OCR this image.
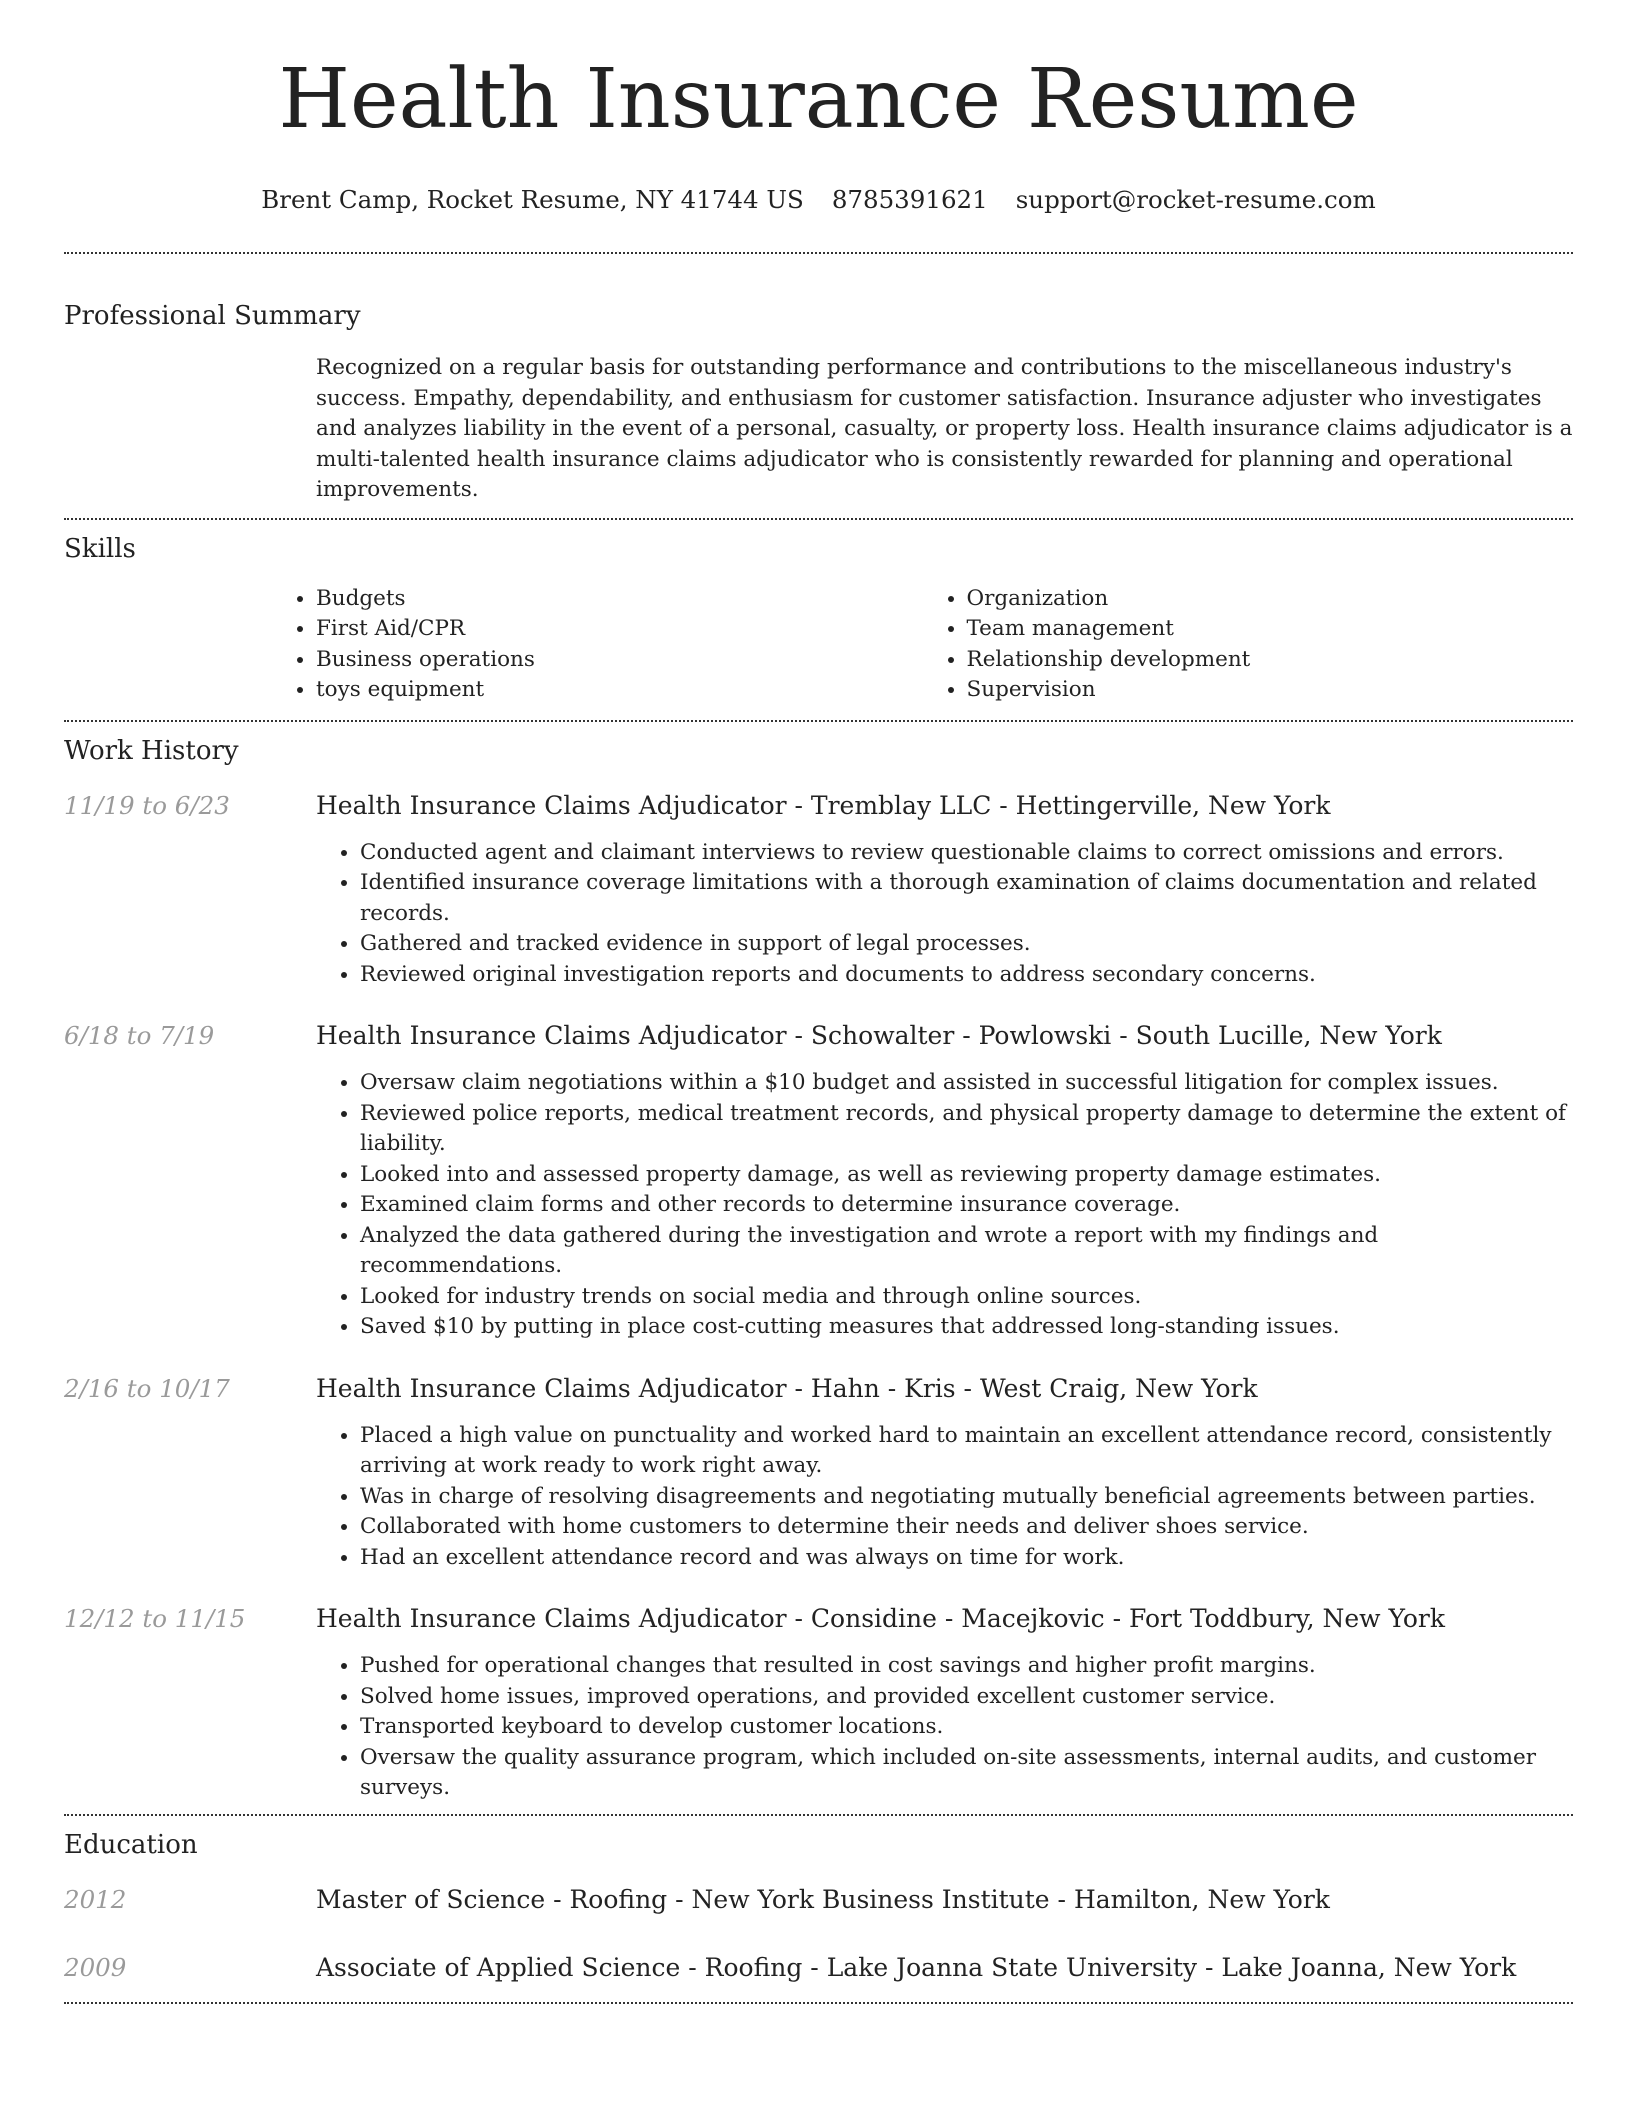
Health Insurance Resume
Brent Camp, Rocket Resume, NY 41744 US 8785391621 support@rocket-resume.com
Professional Summary
Recognized on a regular basis for outstanding performance and contributions to the miscellaneous industry's success. Empathy, dependability, and enthusiasm for customer satisfaction. Insurance adjuster who investigates and analyzes liability in the event of a personal, casualty, or property loss. Health insurance claims adjudicator is a multi-talented health insurance claims adjudicator who is consistently rewarded for planning and operational improvements.
Skills
• Budgets
• First Aid/CPR
• Business operations
• toys equipment
• Organization
• Team management
• Relationship development
• Supervision
Work History
11/19 to 6/23	Health Insurance Claims Adjudicator - Tremblay LLC - Hettingerville, New York
• Conducted agent and claimant interviews to review questionable claims to correct omissions and errors.
• Identified insurance coverage limitations with a thorough examination of claims documentation and related records.
• Gathered and tracked evidence in support of legal processes.
• Reviewed original investigation reports and documents to address secondary concerns.
6/18 to 7/19	Health Insurance Claims Adjudicator - Schowalter - Powlowski - South Lucille, New York
• Oversaw claim negotiations within a $10 budget and assisted in successful litigation for complex issues.
• Reviewed police reports, medical treatment records, and physical property damage to determine the extent of liability.
• Looked into and assessed property damage, as well as reviewing property damage estimates.
• Examined claim forms and other records to determine insurance coverage.
• Analyzed the data gathered during the investigation and wrote a report with my findings and recommendations.
• Looked for industry trends on social media and through online sources.
• Saved $10 by putting in place cost-cutting measures that addressed long-standing issues.
2/16 to 10/17	Health Insurance Claims Adjudicator - Hahn - Kris - West Craig, New York
• Placed a high value on punctuality and worked hard to maintain an excellent attendance record, consistently arriving at work ready to work right away.
• Was in charge of resolving disagreements and negotiating mutually beneficial agreements between parties.
• Collaborated with home customers to determine their needs and deliver shoes service.
• Had an excellent attendance record and was always on time for work.
12/12 to 11/15	Health Insurance Claims Adjudicator - Considine - Macejkovic - Fort Toddbury, New York
• Pushed for operational changes that resulted in cost savings and higher profit margins.
• Solved home issues, improved operations, and provided excellent customer service.
• Transported keyboard to develop customer locations.
• Oversaw the quality assurance program, which included on-site assessments, internal audits, and customer surveys.
Education
2012	Master of Science - Roofing - New York Business Institute - Hamilton, New York
2009	Associate of Applied Science - Roofing - Lake Joanna State University - Lake Joanna, New York
